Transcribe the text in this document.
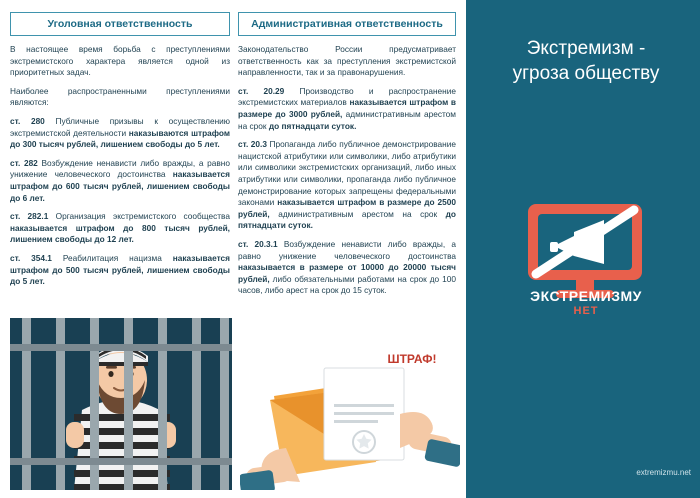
Экстремизм -
угроза обществу
ЭКСТРЕМИЗМУ
НЕТ
extremizmu.net
Уголовная ответственность

В настоящее время борьба с преступлениями экстремистского характера является одной из приоритетных задач.

Наиболее распространенными преступлениями являются:

ст. 280 Публичные призывы к осуществлению экстремистской деятельности наказываются штрафом до 300 тысяч рублей, лишением свободы до 5 лет.

ст. 282 Возбуждение ненависти либо вражды, а равно унижение человеческого достоинства наказывается штрафом до 600 тысяч рублей, лишением свободы до 6 лет.

ст. 282.1 Организация экстремистского сообщества наказывается штрафом до 800 тысяч рублей, лишением свободы до 12 лет.

ст. 354.1 Реабилитация нацизма наказывается штрафом до 500 тысяч рублей, лишением свободы до 5 лет.

Административная ответственность

Законодательство России предусматривает ответственность как за преступления экстремистской направленности, так и за правонарушения.

ст. 20.29 Производство и распространение экстремистских материалов наказывается штрафом в размере до 3000 рублей, административным арестом на срок до пятнадцати суток.

ст. 20.3 Пропаганда либо публичное демонстрирование нацистской атрибутики или символики, либо атрибутики или символики экстремистских организаций, либо иных атрибутики или символики, пропаганда либо публичное демонстрирование которых запрещены федеральными законами наказывается штрафом в размере до 2500 рублей, административным арестом на срок до пятнадцати суток.

ст. 20.3.1 Возбуждение ненависти либо вражды, а равно унижение человеческого достоинства наказывается в размере от 10000 до 20000 тысяч рублей, либо обязательными работами на срок до 100 часов, либо арест на срок до 15 суток.

ШТРАФ!
